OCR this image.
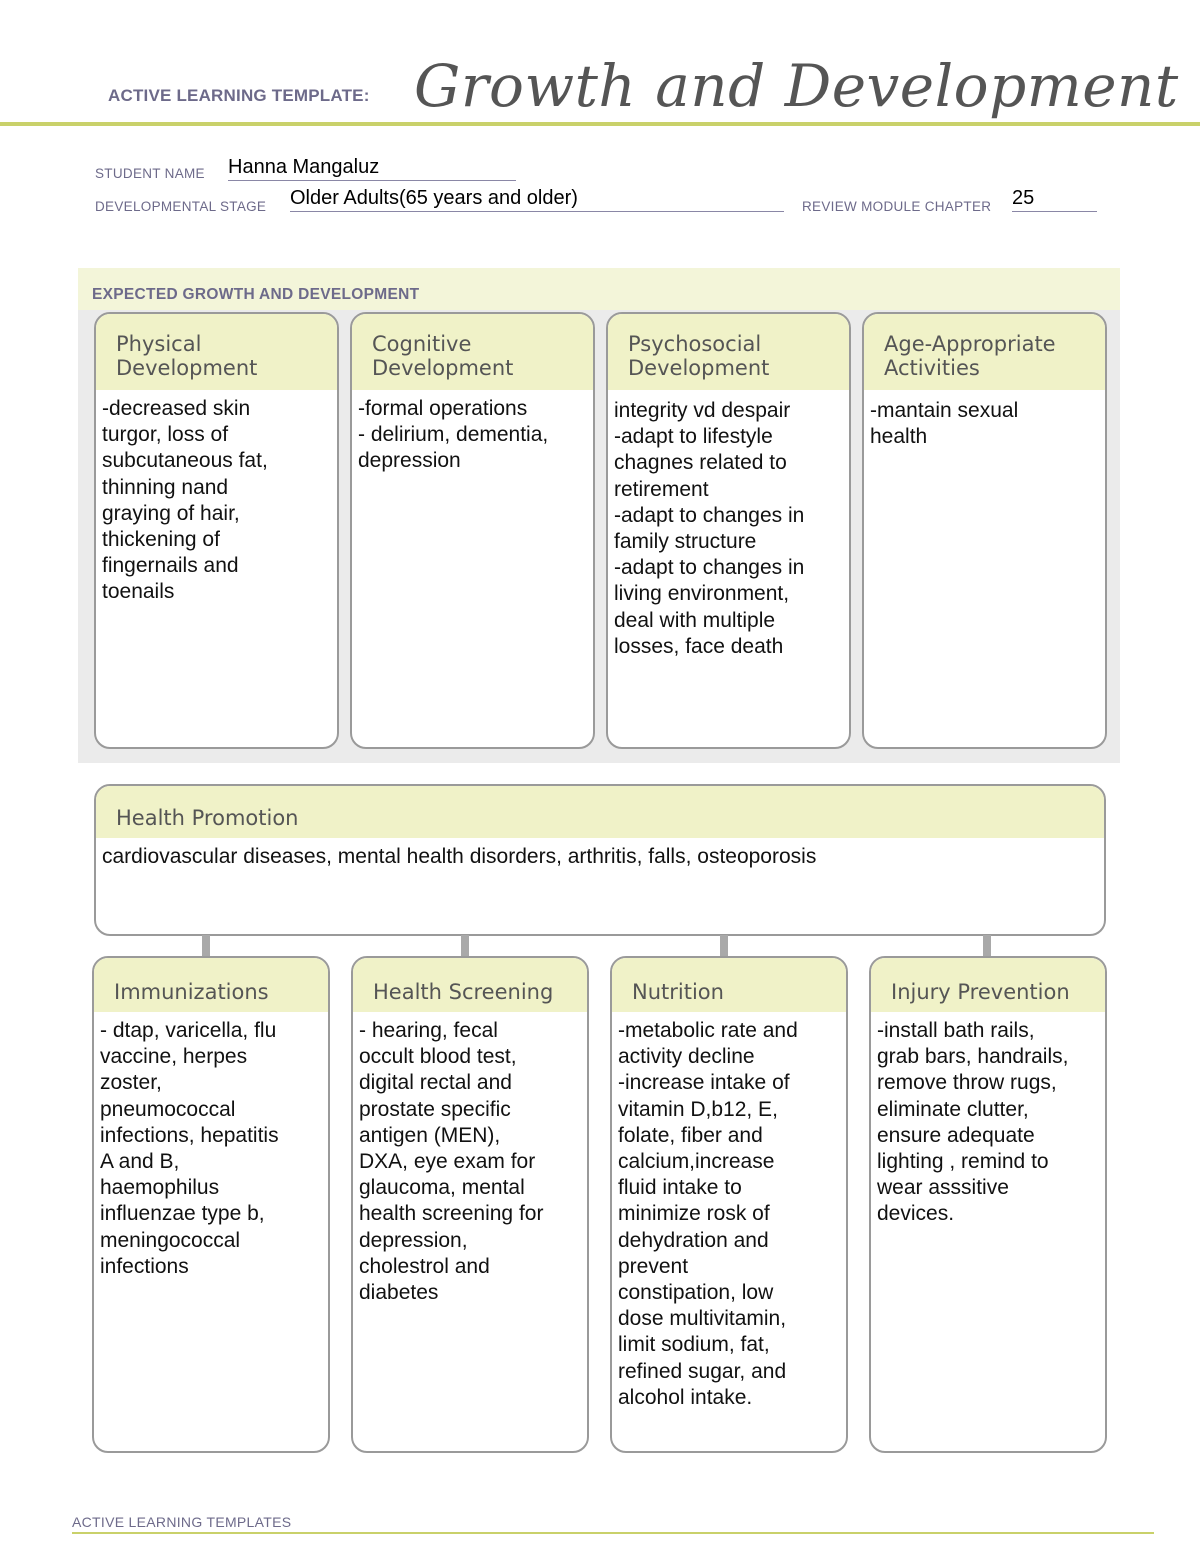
ACTIVE LEARNING TEMPLATE: Growth and Development
STUDENT NAME Hanna Mangaluz
DEVELOPMENTAL STAGE Older Adults(65 years and older)	REVIEW MODULE CHAPTER 25
EXPECTED GROWTH AND DEVELOPMENT
Physical
Development
-decreased skin
turgor, loss of
subcutaneous fat,
thinning nand
graying of hair,
thickening of
fingernails and
toenails
Cognitive
Development
-formal operations
- delirium, dementia,
depression
Psychosocial
Development
integrity vd despair
-adapt to lifestyle
chagnes related to
retirement
-adapt to changes in
family structure
-adapt to changes in
living environment,
deal with multiple
losses, face death
Age-Appropriate
Activities
-mantain sexual
health
Health Promotion
cardiovascular diseases, mental health disorders, arthritis, falls, osteoporosis
Immunizations
- dtap, varicella, flu
vaccine, herpes
zoster,
pneumococcal
infections, hepatitis
A and B,
haemophilus
influenzae type b,
meningococcal
infections
Health Screening
- hearing, fecal
occult blood test,
digital rectal and
prostate specific
antigen (MEN),
DXA, eye exam for
glaucoma, mental
health screening for
depression,
cholestrol and
diabetes
Nutrition
-metabolic rate and
activity decline
-increase intake of
vitamin D,b12, E,
folate, fiber and
calcium,increase
fluid intake to
minimize rosk of
dehydration and
prevent
constipation, low
dose multivitamin,
limit sodium, fat,
refined sugar, and
alcohol intake.
Injury Prevention
-install bath rails,
grab bars, handrails,
remove throw rugs,
eliminate clutter,
ensure adequate
lighting , remind to
wear asssitive
devices.
ACTIVE LEARNING TEMPLATES
